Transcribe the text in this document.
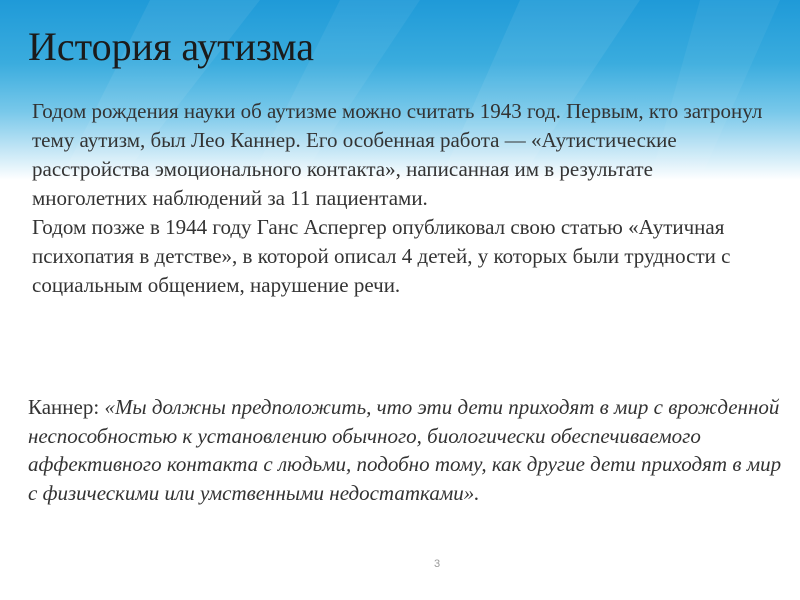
История аутизма

Годом рождения науки об аутизме можно считать 1943 год. Первым, кто затронул тему аутизм, был Лео Каннер. Его особенная работа — «Аутистические расстройства эмоционального контакта», написанная им в результате многолетних наблюдений за 11 пациентами.

Годом позже в 1944 году Ганс Аспергер опубликовал свою статью «Аутичная психопатия в детстве», в которой описал 4 детей, у которых были трудности с социальным общением, нарушение речи.

Каннер: «Мы должны предположить, что эти дети приходят в мир с врожденной неспособностью к установлению обычного, биологически обеспечиваемого аффективного контакта с людьми, подобно тому, как другие дети приходят в мир с физическими или умственными недостатками».
3
